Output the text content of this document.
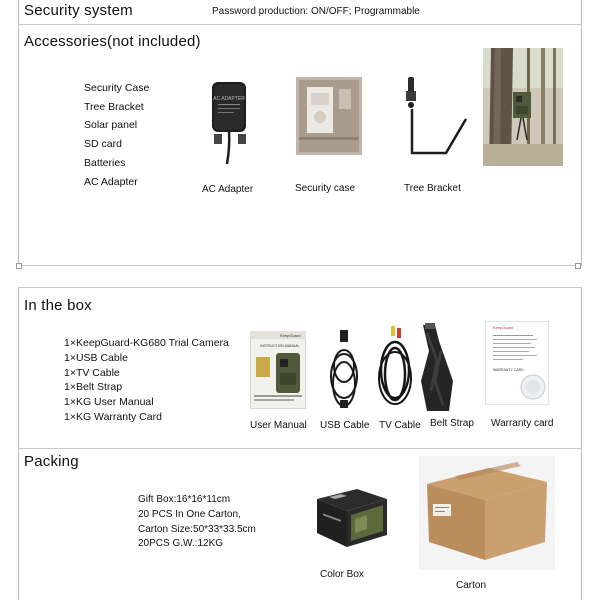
Security system	Password production: ON/OFF; Programmable
Accessories(not included)
Security Case
Tree Bracket
Solar panel
SD card
Batteries
AC Adapter
AC ADAPTER
AC Adapter	Security case	Tree Bracket
In the box
1×KeepGuard-KG680 Trial Camera
1×USB Cable
1×TV Cable
1×Belt Strap
1×KG User Manual
1×KG Warranty Card
KeepGuard
INSTRUCTION MANUAL
User Manual USB Cable TV Cable Belt Strap
KeepGuard
WARRANTY CARD
Warranty card
Packing
Gift Box:16*16*11cm
20 PCS In One Carton,
Carton Size:50*33*33.5cm
20PCS G.W.:12KG
Color Box
Carton
